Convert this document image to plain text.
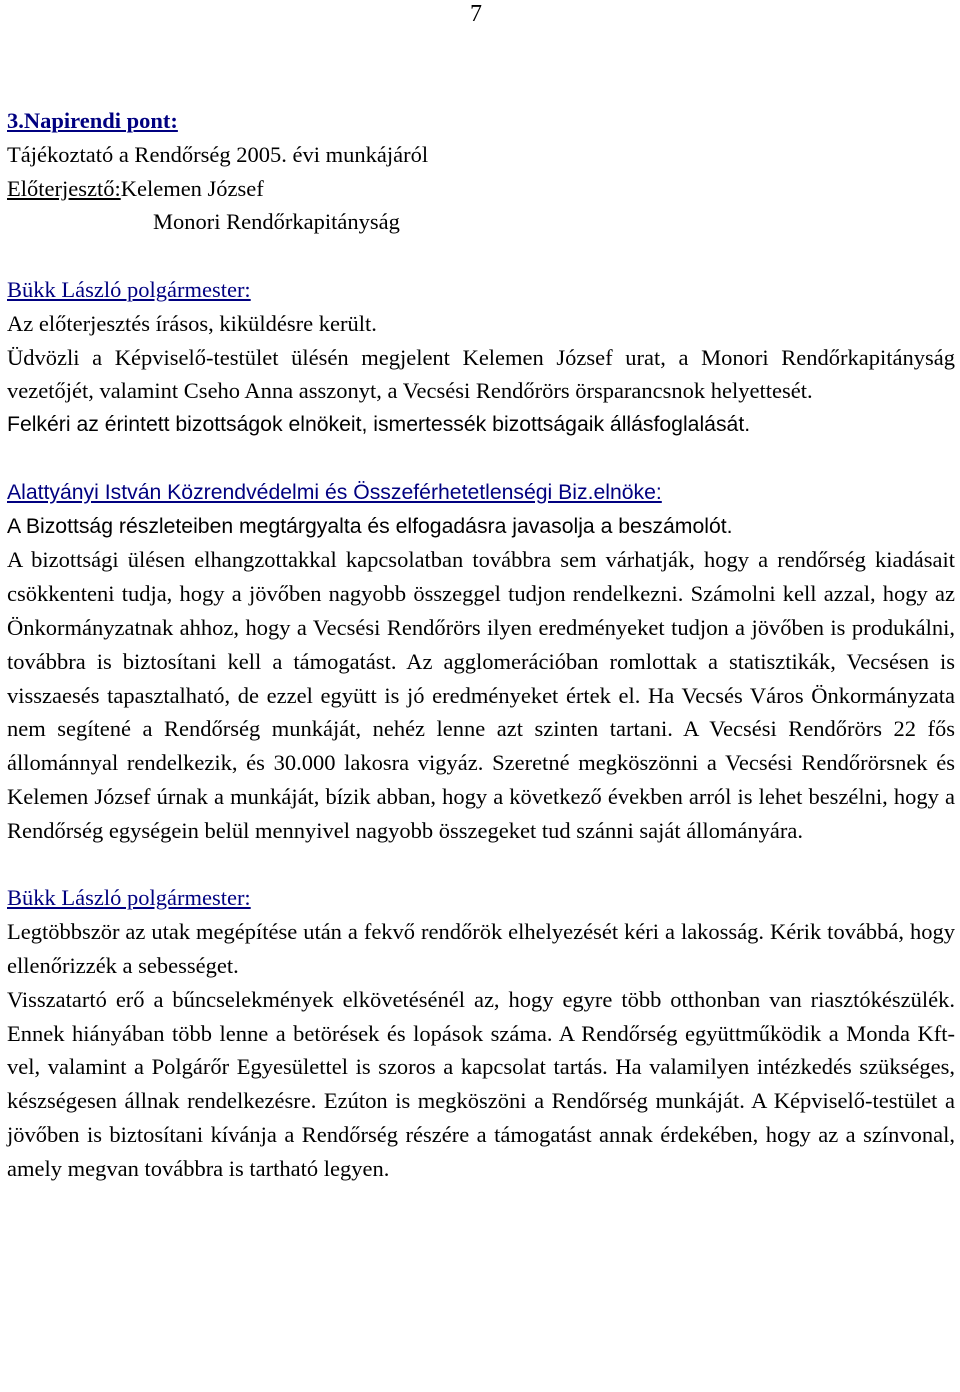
7

3.Napirendi pont:

Tájékoztató a Rendőrség 2005. évi munkájáról

Előterjesztő:Kelemen József

Monori Rendőrkapitányság

Bükk László polgármester:

Az előterjesztés írásos, kiküldésre került.

Üdvözli a Képviselő-testület ülésén megjelent Kelemen József urat, a Monori Rendőrkapitányság vezetőjét, valamint Cseho Anna asszonyt, a Vecsési Rendőrörs örsparancsnok helyettesét.

Felkéri az érintett bizottságok elnökeit, ismertessék bizottságaik állásfoglalását.

Alattyányi István Közrendvédelmi és Összeférhetetlenségi Biz.elnöke:

A Bizottság részleteiben megtárgyalta és elfogadásra javasolja a beszámolót.

A bizottsági ülésen elhangzottakkal kapcsolatban továbbra sem várhatják, hogy a rendőrség kiadásait csökkenteni tudja, hogy a jövőben nagyobb összeggel tudjon rendelkezni. Számolni kell azzal, hogy az Önkormányzatnak ahhoz, hogy a Vecsési Rendőrörs ilyen eredményeket tudjon a jövőben is produkálni, továbbra is biztosítani kell a támogatást. Az agglomerációban romlottak a statisztikák, Vecsésen is visszaesés tapasztalható, de ezzel együtt is jó eredményeket értek el. Ha Vecsés Város Önkormányzata nem segítené a Rendőrség munkáját, nehéz lenne azt szinten tartani. A Vecsési Rendőrörs 22 fős állománnyal rendelkezik, és 30.000 lakosra vigyáz. Szeretné megköszönni a Vecsési Rendőrörsnek és Kelemen József úrnak a munkáját, bízik abban, hogy a következő években arról is lehet beszélni, hogy a Rendőrség egységein belül mennyivel nagyobb összegeket tud szánni saját állományára.

Bükk László polgármester:

Legtöbbször az utak megépítése után a fekvő rendőrök elhelyezését kéri a lakosság. Kérik továbbá, hogy ellenőrizzék a sebességet.

Visszatartó erő a bűncselekmények elkövetésénél az, hogy egyre több otthonban van riasztókészülék. Ennek hiányában több lenne a betörések és lopások száma. A Rendőrség együttműködik a Monda Kft-vel, valamint a Polgárőr Egyesülettel is szoros a kapcsolat tartás. Ha valamilyen intézkedés szükséges, készségesen állnak rendelkezésre. Ezúton is megköszöni a Rendőrség munkáját. A Képviselő-testület a jövőben is biztosítani kívánja a Rendőrség részére a támogatást annak érdekében, hogy az a színvonal, amely megvan továbbra is tartható legyen.
